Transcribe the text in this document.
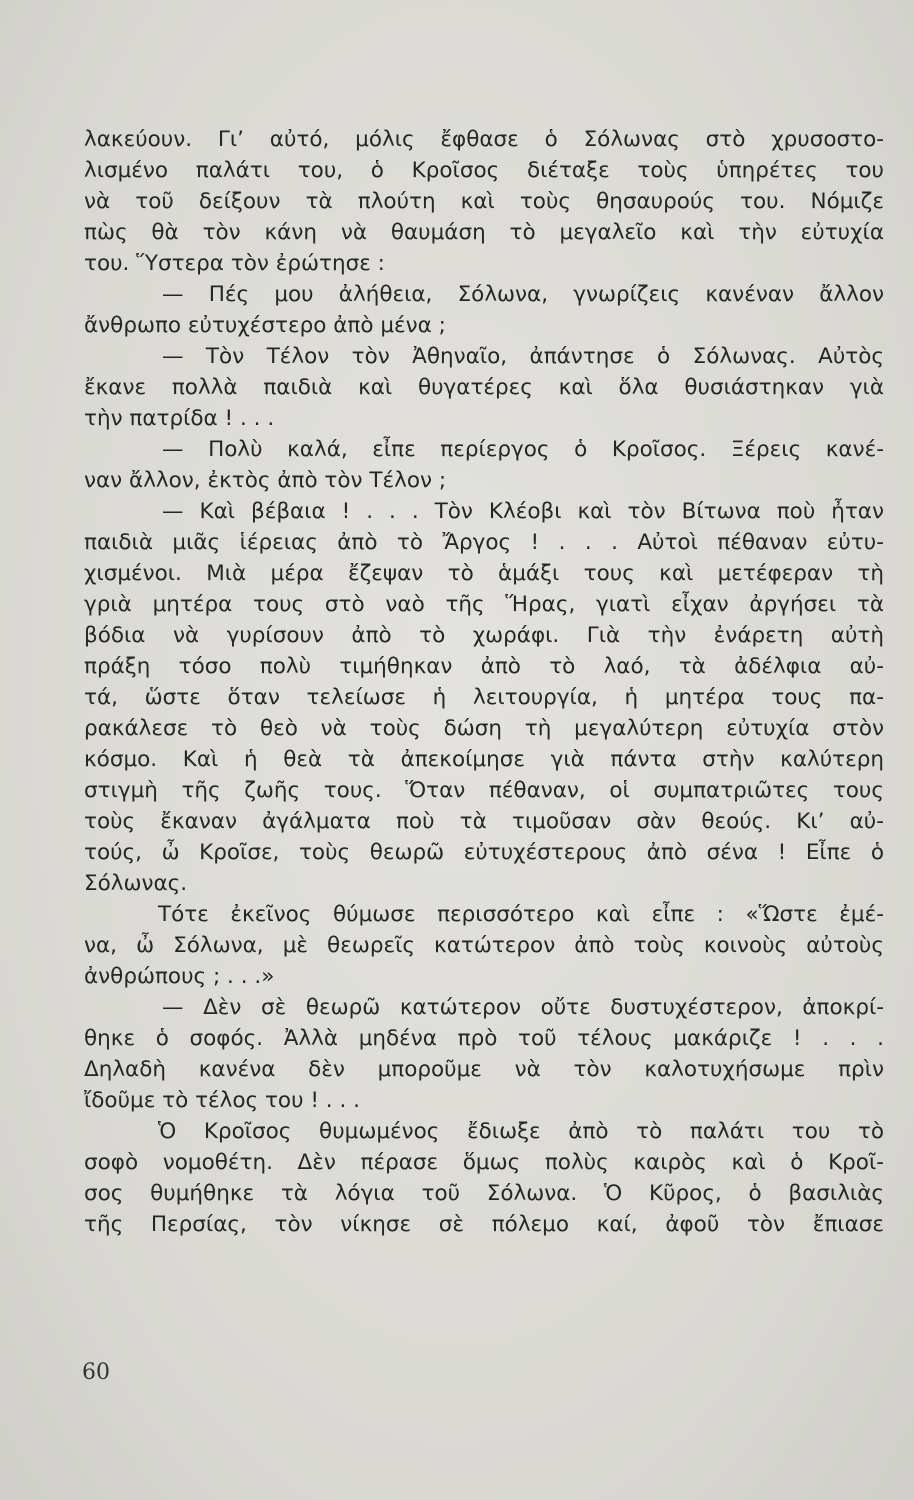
λακεύουν. Γι’ αὐτό, μόλις ἔφθασε ὁ Σόλωνας στὸ χρυσοστο-
λισμένο παλάτι του, ὁ Κροῖσος διέταξε τοὺς ὑπηρέτες του
νὰ τοῦ δείξουν τὰ πλούτη καὶ τοὺς θησαυρούς του. Νόμιζε
πὼς θὰ τὸν κάνη νὰ θαυμάση τὸ μεγαλεῖο καὶ τὴν εὐτυχία
του. Ὕστερα τὸν ἐρώτησε :
— Πές μου ἀλήθεια, Σόλωνα, γνωρίζεις κανέναν ἄλλον
ἄνθρωπο εὐτυχέστερο ἀπὸ μένα ;
— Τὸν Τέλον τὸν Ἀθηναῖο, ἀπάντησε ὁ Σόλωνας. Αὐτὸς
ἔκανε πολλὰ παιδιὰ καὶ θυγατέρες καὶ ὅλα θυσιάστηκαν γιὰ
τὴν πατρίδα ! . . .
— Πολὺ καλά, εἶπε περίεργος ὁ Κροῖσος. Ξέρεις κανέ-
ναν ἄλλον, ἐκτὸς ἀπὸ τὸν Τέλον ;
— Καὶ βέβαια ! . . . Τὸν Κλέοβι καὶ τὸν Βίτωνα ποὺ ἦταν
παιδιὰ μιᾶς ἱέρειας ἀπὸ τὸ Ἄργος ! . . . Αὐτοὶ πέθαναν εὐτυ-
χισμένοι. Μιὰ μέρα ἔζεψαν τὸ ἁμάξι τους καὶ μετέφεραν τὴ
γριὰ μητέρα τους στὸ ναὸ τῆς Ἥρας, γιατὶ εἶχαν ἀργήσει τὰ
βόδια νὰ γυρίσουν ἀπὸ τὸ χωράφι. Γιὰ τὴν ἐνάρετη αὐτὴ
πράξη τόσο πολὺ τιμήθηκαν ἀπὸ τὸ λαό, τὰ ἀδέλφια αὐ-
τά, ὥστε ὅταν τελείωσε ἡ λειτουργία, ἡ μητέρα τους πα-
ρακάλεσε τὸ θεὸ νὰ τοὺς δώση τὴ μεγαλύτερη εὐτυχία στὸν
κόσμο. Καὶ ἡ θεὰ τὰ ἀπεκοίμησε γιὰ πάντα στὴν καλύτερη
στιγμὴ τῆς ζωῆς τους. Ὅταν πέθαναν, οἱ συμπατριῶτες τους
τοὺς ἔκαναν ἀγάλματα ποὺ τὰ τιμοῦσαν σὰν θεούς. Κι’ αὐ-
τούς, ὦ Κροῖσε, τοὺς θεωρῶ εὐτυχέστερους ἀπὸ σένα ! Εἶπε ὁ
Σόλωνας.
Τότε ἐκεῖνος θύμωσε περισσότερο καὶ εἶπε : «Ὥστε ἐμέ-
να, ὦ Σόλωνα, μὲ θεωρεῖς κατώτερον ἀπὸ τοὺς κοινοὺς αὐτοὺς
ἀνθρώπους ; . . .»
— Δὲν σὲ θεωρῶ κατώτερον οὔτε δυστυχέστερον, ἀποκρί-
θηκε ὁ σοφός. Ἀλλὰ μηδένα πρὸ τοῦ τέλους μακάριζε ! . . .
Δηλαδὴ κανένα δὲν μποροῦμε νὰ τὸν καλοτυχήσωμε πρὶν
ἴδοῦμε τὸ τέλος του ! . . .
Ὁ Κροῖσος θυμωμένος ἔδιωξε ἀπὸ τὸ παλάτι του τὸ
σοφὸ νομοθέτη. Δὲν πέρασε ὅμως πολὺς καιρὸς καὶ ὁ Κροῖ-
σος θυμήθηκε τὰ λόγια τοῦ Σόλωνα. Ὁ Κῦρος, ὁ βασιλιὰς
τῆς Περσίας, τὸν νίκησε σὲ πόλεμο καί, ἀφοῦ τὸν ἔπιασε
60
